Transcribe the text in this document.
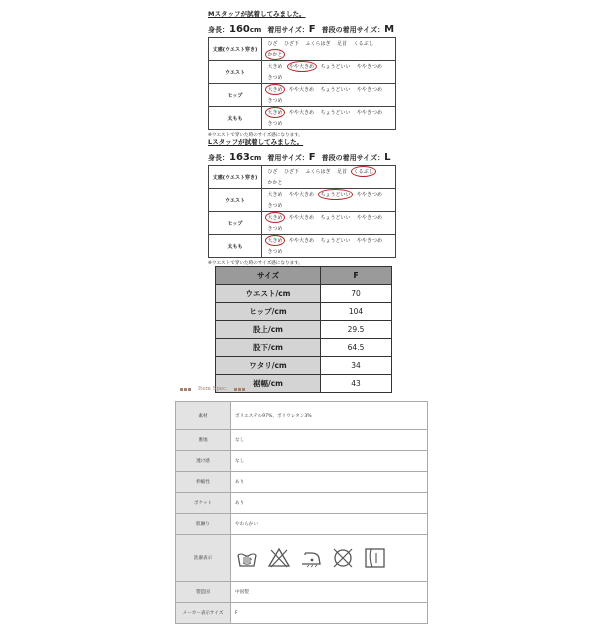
Mスタッフが試着してみました。
身長：160cm 着用サイズ：F 普段の着用サイズ：M
丈感(ウエスト穿き)	ひざ ひざ下 ふくらはぎ 足首 くるぶしかかと
ウエスト	大きめ やや大きめ ちょうどいい ややきつめきつめ
ヒップ	大きめ やや大きめ ちょうどいい ややきつめきつめ
太もも	大きめ やや大きめ ちょうどいい ややきつめきつめ
※ウエストで穿いた時のサイズ感になります。
Lスタッフが試着してみました。
身長：163cm 着用サイズ：F 普段の着用サイズ：L
丈感(ウエスト穿き)	ひざ ひざ下 ふくらはぎ 足首 くるぶしかかと
ウエスト	大きめ やや大きめ ちょうどいい ややきつめきつめ
ヒップ	大きめ やや大きめ ちょうどいい ややきつめきつめ
太もも	大きめ やや大きめ ちょうどいい ややきつめきつめ
※ウエストで穿いた時のサイズ感になります。
サイズ	F
ウエスト/cm	70
ヒップ/cm	104
股上/cm	29.5
股下/cm	64.5
ワタリ/cm	34
裾幅/cm	43
Item Spec.
素材	ポリエステル97%、ポリウレタン3%
裏地	なし
透け感	なし
伸縮性	あり
ポケット	あり
肌触り	やわらかい
洗濯表示	

製造国	中国製
メーカー表示サイズ	F
